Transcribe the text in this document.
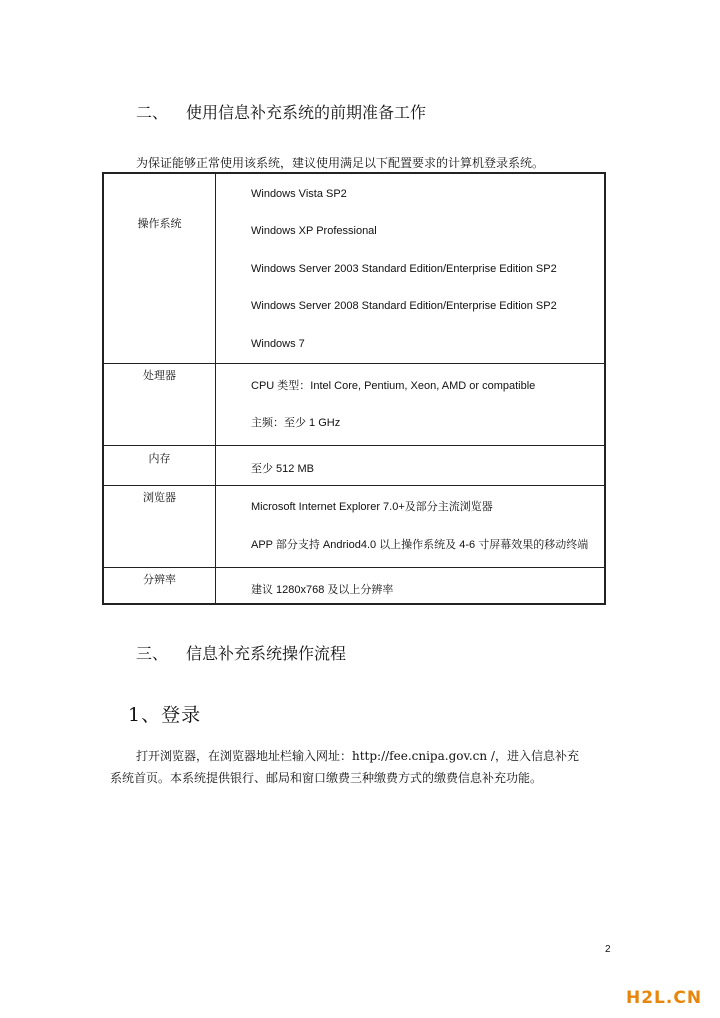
二、 使用信息补充系统的前期准备工作
为保证能够正常使用该系统，建议使用满足以下配置要求的计算机登录系统。
操作系统
Windows Vista SP2
Windows XP Professional
Windows Server 2003 Standard Edition/Enterprise Edition SP2
Windows Server 2008 Standard Edition/Enterprise Edition SP2
Windows 7
处理器
CPU 类型：Intel Core, Pentium, Xeon, AMD or compatible
主频：至少 1 GHz
内存
至少 512 MB
浏览器
Microsoft Internet Explorer 7.0+及部分主流浏览器
APP 部分支持 Andriod4.0 以上操作系统及 4-6 寸屏幕效果的移动终端
分辨率
建议 1280x768 及以上分辨率
三、 信息补充系统操作流程
1、登录
打开浏览器，在浏览器地址栏输入网址：http://fee.cnipa.gov.cn /，进入信息补充
系统首页。本系统提供银行、邮局和窗口缴费三种缴费方式的缴费信息补充功能。
2
H2L.CN
